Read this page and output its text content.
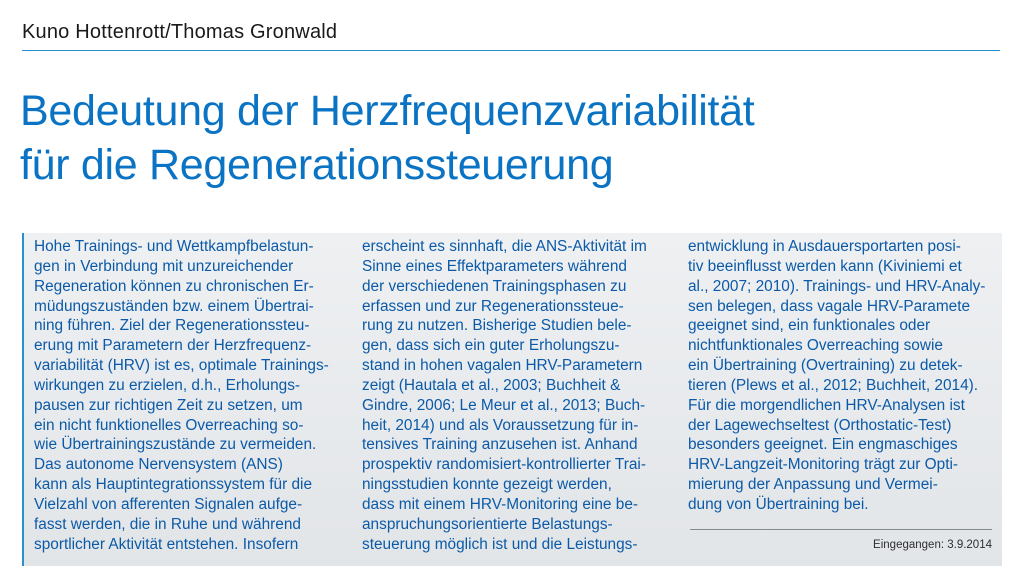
Kuno Hottenrott/Thomas Gronwald
Bedeutung der Herzfrequenzvariabilität
für die Regenerationssteuerung
Hohe Trainings- und Wettkampfbelastun-
gen in Verbindung mit unzureichender
Regeneration können zu chronischen Er-
müdungszuständen bzw. einem Übertrai-
ning führen. Ziel der Regenerationssteu-
erung mit Parametern der Herzfrequenz-
variabilität (HRV) ist es, optimale Trainings-
wirkungen zu erzielen, d.h., Erholungs-
pausen zur richtigen Zeit zu setzen, um
ein nicht funktionelles Overreaching so-
wie Übertrainingszustände zu vermeiden.
Das autonome Nervensystem (ANS)
kann als Hauptintegrationssystem für die
Vielzahl von afferenten Signalen aufge-
fasst werden, die in Ruhe und während
sportlicher Aktivität entstehen. Insofern
erscheint es sinnhaft, die ANS-Aktivität im
Sinne eines Effektparameters während
der verschiedenen Trainingsphasen zu
erfassen und zur Regenerationssteue-
rung zu nutzen. Bisherige Studien bele-
gen, dass sich ein guter Erholungszu-
stand in hohen vagalen HRV-Parametern
zeigt (Hautala et al., 2003; Buchheit &
Gindre, 2006; Le Meur et al., 2013; Buch-
heit, 2014) und als Voraussetzung für in-
tensives Training anzusehen ist. Anhand
prospektiv randomisiert-kontrollierter Trai-
ningsstudien konnte gezeigt werden,
dass mit einem HRV-Monitoring eine be-
anspruchungsorientierte Belastungs-
steuerung möglich ist und die Leistungs-
entwicklung in Ausdauersportarten posi-
tiv beeinflusst werden kann (Kiviniemi et
al., 2007; 2010). Trainings- und HRV-Analy-
sen belegen, dass vagale HRV-Paramete
geeignet sind, ein funktionales oder
nichtfunktionales Overreaching sowie
ein Übertraining (Overtraining) zu detek-
tieren (Plews et al., 2012; Buchheit, 2014).
Für die morgendlichen HRV-Analysen ist
der Lagewechseltest (Orthostatic-Test)
besonders geeignet. Ein engmaschiges
HRV-Langzeit-Monitoring trägt zur Opti-
mierung der Anpassung und Vermei-
dung von Übertraining bei.
Eingegangen: 3.9.2014
